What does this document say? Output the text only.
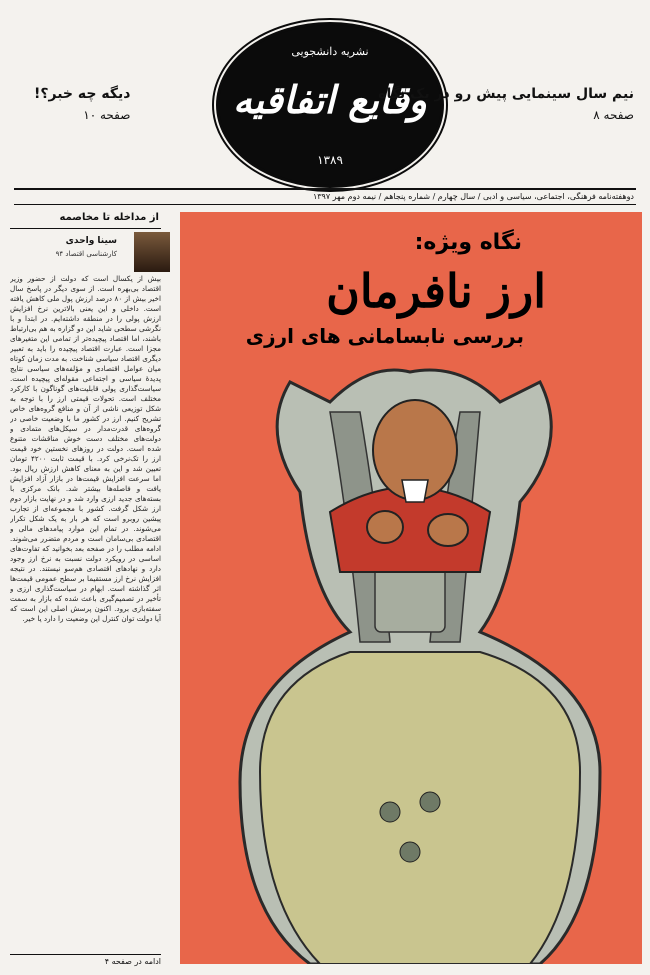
نشریه دانشجویی
وقایع اتفاقیه
۱۳۸۹
نیم سال سینمایی پیش رو در یک نگاه
صفحه ۸
دیگه چه خبر؟!
صفحه ۱۰
دوهفته‌نامه فرهنگی، اجتماعی، سیاسی و ادبی / سال چهارم / شماره پنجاهم / نیمه دوم مهر ۱۳۹۷
از مداخله تا مخاصمه
سینا واحدی
کارشناسی اقتصاد ۹۴
بیش از یکسال است که دولت از حضور وزیر اقتصاد بی‌بهره است. از سوی دیگر در پاسخ سال اخیر بیش از ۸۰ درصد ارزش پول ملی کاهش یافته است. داخلی و این یعنی بالاترین نرخ افزایش ارزش پولی را در منطقه داشته‌ایم. در ابتدا و با نگرشی سطحی شاید این دو گزاره به هم بی‌ارتباط باشند، اما اقتصاد پیچیده‌تر از تمامی این متغیرهای مجزا است. عبارت اقتصاد پیچیده را باید به تعبیر دیگری اقتصاد سیاسی شناخت. به مدت زمان کوتاه میان عوامل اقتصادی و مؤلفه‌های سیاسی نتایج پدیدهٔ سیاسی و اجتماعی مقوله‌ای پیچیده است. سیاست‌گذاری پولی قابلیت‌های گوناگون با کارکرد مختلف است. تحولات قیمتی ارز را با توجه به شکل توزیعی ناشی از آن و منافع گروه‌های خاص تشریح کنیم. ارز در کشور ما با وضعیت خاصی در گروه‌های قدرت‌مدار در سیکل‌های متمادی و دولت‌های مختلف دست خوش مناقشات متنوع شده است. دولت در روزهای نخستین خود قیمت ارز را تک‌نرخی کرد. با قیمت ثابت ۴۲۰۰ تومان تعیین شد و این به معنای کاهش ارزش ریال بود. اما سرعت افزایش قیمت‌ها در بازار آزاد افزایش یافت و فاصله‌ها بیشتر شد. بانک مرکزی با بسته‌های جدید ارزی وارد شد و در نهایت بازار دوم ارز شکل گرفت. کشور با مجموعه‌ای از تجارب پیشین روبرو است که هر بار به یک شکل تکرار می‌شوند. در تمام این موارد پیامدهای مالی و اقتصادی بی‌سامان است و مردم متضرر می‌شوند. ادامه مطلب را در صفحه بعد بخوانید که تفاوت‌های اساسی در رویکرد دولت نسبت به نرخ ارز وجود دارد و نهادهای اقتصادی هم‌سو نیستند. در نتیجه افزایش نرخ ارز مستقیما بر سطح عمومی قیمت‌ها اثر گذاشته است. ابهام در سیاست‌گذاری ارزی و تأخیر در تصمیم‌گیری باعث شده که بازار به سمت سفته‌بازی برود. اکنون پرسش اصلی این است که آیا دولت توان کنترل این وضعیت را دارد یا خیر.
ادامه در صفحه ۴
نگاه ویژه:
ارز نافرمان
بررسی نابسامانی های ارزی
